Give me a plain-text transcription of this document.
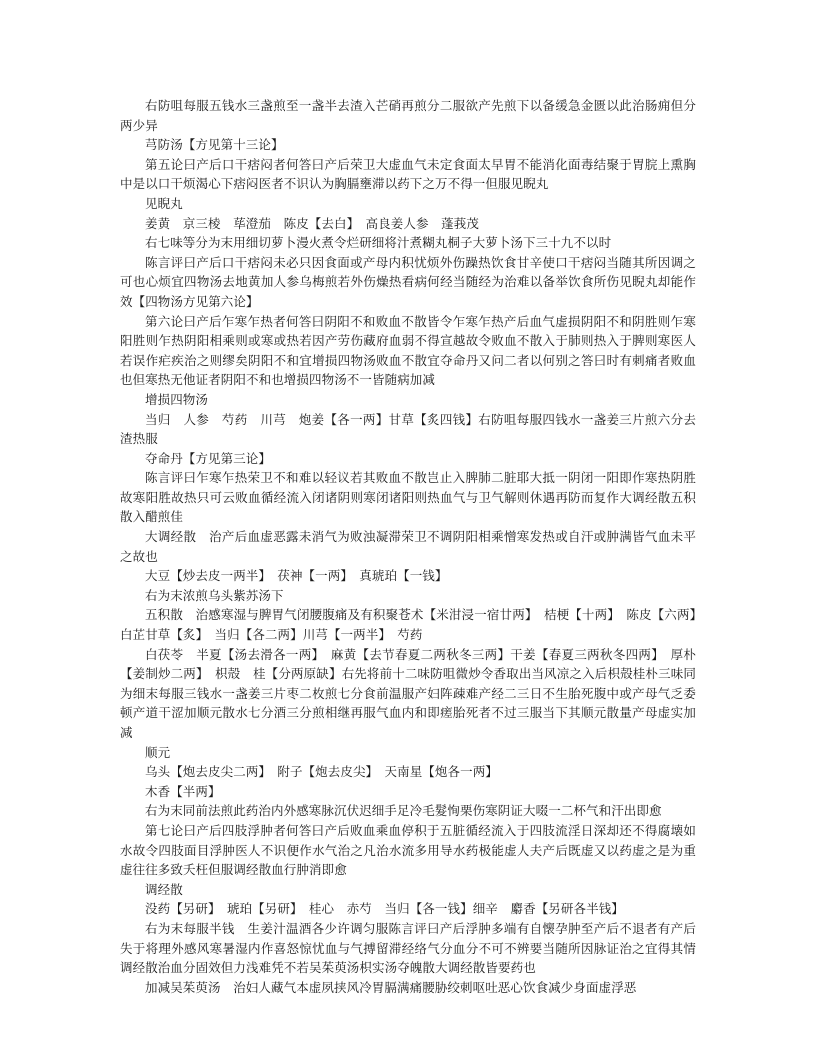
右防咀每服五钱水三盏煎至一盏半去渣入芒硝再煎分二服欲产先煎下以备缓急金匮以此治肠痈但分两少异

芎防汤【方见第十三论】

第五论曰产后口干痞闷者何答曰产后荣卫大虚血气未定食面太早胃不能消化面毒结聚于胃脘上熏胸中是以口干烦渴心下痞闷医者不识认为胸膈壅滞以药下之万不得一但服见睨丸

见睨丸

姜黄　京三棱　荜澄茄　陈皮【去白】　高良姜人参　蓬莪茂

右七味等分为末用细切萝卜漫火煮令烂研细将汁煮糊丸桐子大萝卜汤下三十九不以时

陈言评曰产后口干痞闷未必只因食面或产母内积忧烦外伤躁热饮食甘辛使口干痞闷当随其所因调之可也心烦宜四物汤去地黄加人参乌梅煎若外伤燥热看病何经当随经为治难以备举饮食所伤见睨丸却能作效【四物汤方见第六论】

第六论曰产后乍寒乍热者何答曰阴阳不和败血不散皆令乍寒乍热产后血气虚损阴阳不和阴胜则乍寒阳胜则乍热阴阳相乘则或寒或热若因产劳伤藏府血弱不得宣越故令败血不散入于肺则热入于脾则寒医人若误作疟疾治之则缪矣阴阳不和宜增损四物汤败血不散宜夺命丹又问二者以何别之答曰时有刺痛者败血也但寒热无他证者阴阳不和也增损四物汤不一皆随病加减

增损四物汤

当归　人参　芍药　川芎　炮姜【各一两】甘草【炙四钱】右防咀每服四钱水一盏姜三片煎六分去渣热服

夺命丹【方见第三论】

陈言评曰乍寒乍热荣卫不和难以轻议若其败血不散岂止入脾肺二脏耶大抵一阴闭一阳即作寒热阴胜故寒阳胜故热只可云败血循经流入闭诸阴则寒闭诸阳则热血气与卫气解则休遇再防而复作大调经散五积散入醋煎佳

大调经散　治产后血虚恶露未消气为败浊凝滞荣卫不调阴阳相乘憎寒发热或自汗或肿满皆气血未平之故也

大豆【炒去皮一两半】　茯神【一两】　真琥珀【一钱】

右为末浓煎乌头紫苏汤下

五积散　治感寒湿与脾胃气闭腰腹痛及有积聚苍术【米泔浸一宿廿两】　桔梗【十两】　陈皮【六两】　白芷甘草【炙】　当归【各二两】川芎【一两半】　芍药

白茯苓　半夏【汤去滑各一两】　麻黄【去节春夏二两秋冬三两】干姜【春夏三两秋冬四两】　厚朴【姜制炒二两】　枳殻　桂【分两原缺】右先将前十二味防咀微炒令香取出当风凉之入后枳殻桂朴三味同为细末每服三钱水一盏姜三片枣二枚煎七分食前温服产妇阵疎难产经二三日不生胎死腹中或产母气乏委顿产道干涩加顺元散水七分酒三分煎相继再服气血内和即瘥胎死者不过三服当下其顺元散量产母虚实加减

顺元

乌头【炮去皮尖二两】　附子【炮去皮尖】　天南星【炮各一两】

木香【半两】

右为末同前法煎此药治内外感寒脉沉伏迟细手足冷毛髮恂栗伤寒阴证大啜一二杯气和汗出即愈

第七论曰产后四肢浮肿者何答曰产后败血乘血停积于五脏循经流入于四肢流淫日深却还不得腐壊如水故令四肢面目浮肿医人不识便作水气治之凡治水流多用导水药极能虚人夫产后既虚又以药虚之是为重虚往往多致夭枉但服调经散血行肿消即愈

调经散

没药【另研】　琥珀【另研】　桂心　赤芍　当归【各一钱】细辛　麝香【另研各半钱】

右为末每服半钱　生姜汁温酒各少许调匀服陈言评曰产后浮肿多端有自懐孕肿至产后不退者有产后失于将理外感风寒暑湿内作喜怒惊忧血与气搏留滞经络气分血分不可不辨要当随所因脉证治之宜得其情调经散治血分固效但力浅难凭不若吴茱萸汤枳实汤夺魄散大调经散皆要药也

加减吴茱萸汤　治妇人藏气本虚夙挟风冷胃膈满痛腰胁绞刺呕吐恶心饮食减少身面虚浮恶
